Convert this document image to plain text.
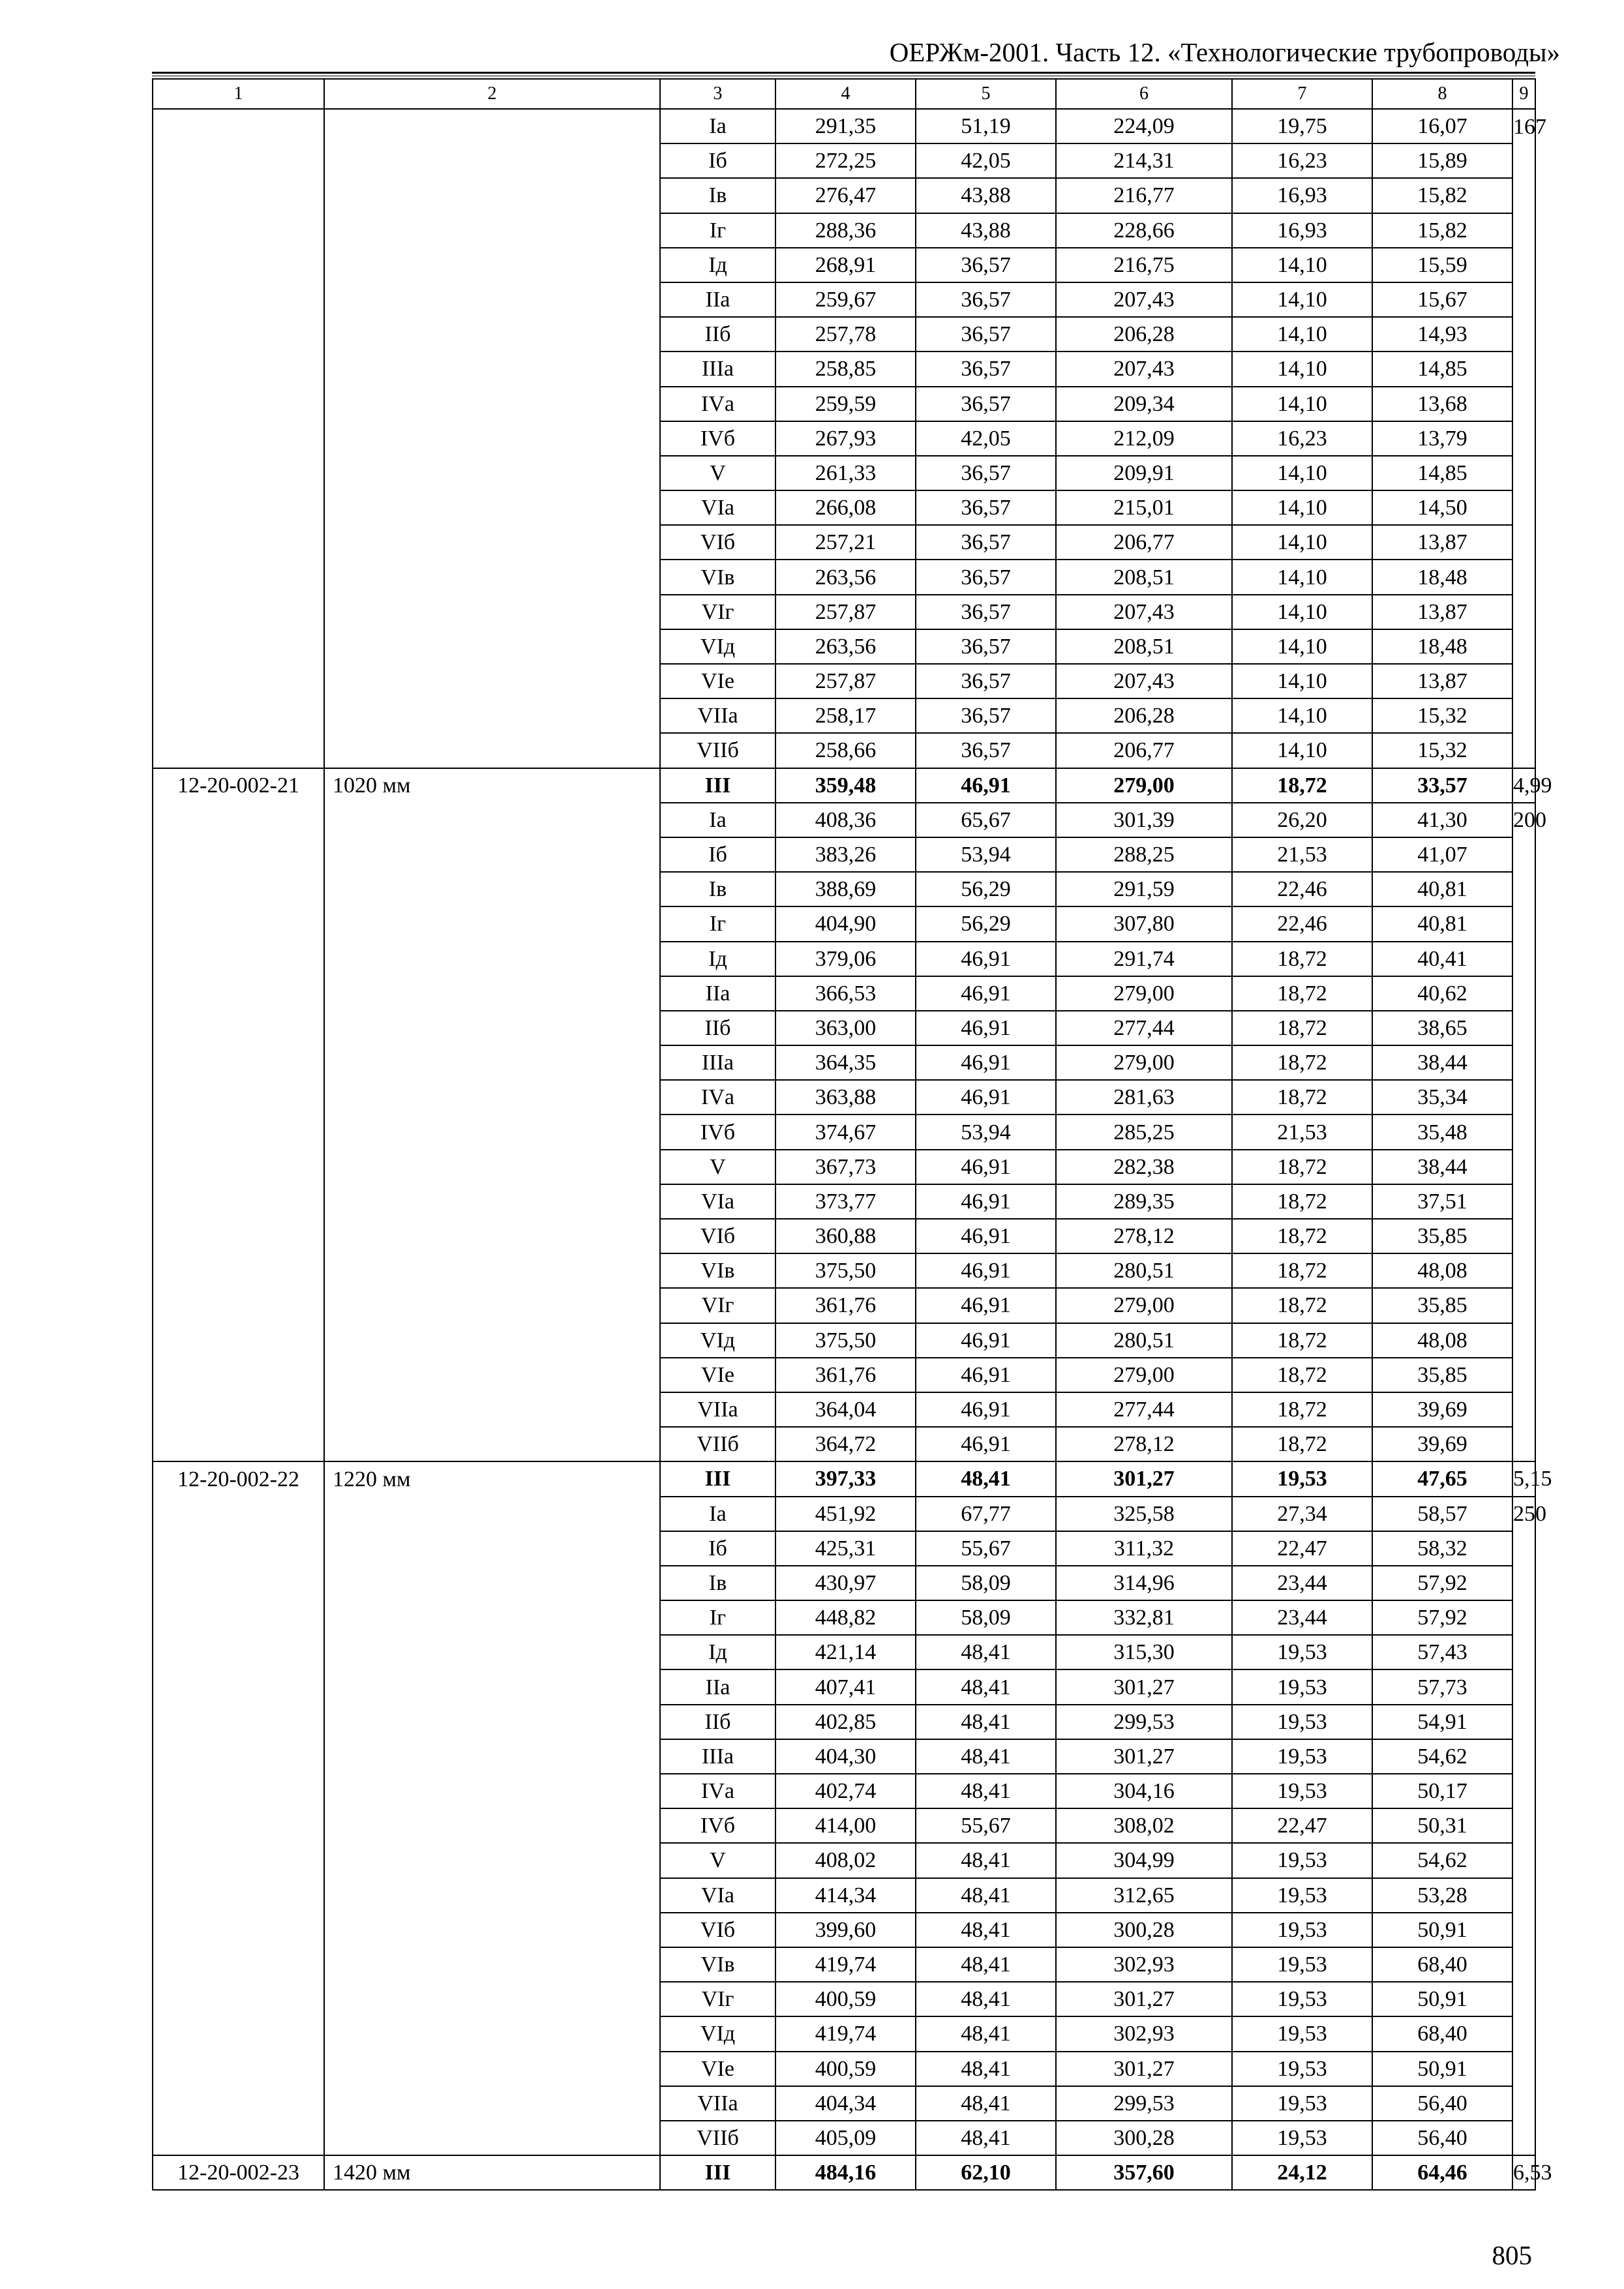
ОЕРЖм-2001. Часть 12. «Технологические трубопроводы»
1	2	3	4	5	6	7	8	9
		Iа	291,35	51,19	224,09	19,75	16,07	167
		Iб	272,25	42,05	214,31	16,23	15,89	
		Iв	276,47	43,88	216,77	16,93	15,82	
		Iг	288,36	43,88	228,66	16,93	15,82	
		Iд	268,91	36,57	216,75	14,10	15,59	
		IIа	259,67	36,57	207,43	14,10	15,67	
		IIб	257,78	36,57	206,28	14,10	14,93	
		IIIа	258,85	36,57	207,43	14,10	14,85	
		IVа	259,59	36,57	209,34	14,10	13,68	
		IVб	267,93	42,05	212,09	16,23	13,79	
		V	261,33	36,57	209,91	14,10	14,85	
		VIа	266,08	36,57	215,01	14,10	14,50	
		VIб	257,21	36,57	206,77	14,10	13,87	
		VIв	263,56	36,57	208,51	14,10	18,48	
		VIг	257,87	36,57	207,43	14,10	13,87	
		VIд	263,56	36,57	208,51	14,10	18,48	
		VIе	257,87	36,57	207,43	14,10	13,87	
		VIIа	258,17	36,57	206,28	14,10	15,32	
		VIIб	258,66	36,57	206,77	14,10	15,32	
12-20-002-21	1020 мм	III	359,48	46,91	279,00	18,72	33,57	4,99
		Iа	408,36	65,67	301,39	26,20	41,30	200
		Iб	383,26	53,94	288,25	21,53	41,07	
		Iв	388,69	56,29	291,59	22,46	40,81	
		Iг	404,90	56,29	307,80	22,46	40,81	
		Iд	379,06	46,91	291,74	18,72	40,41	
		IIа	366,53	46,91	279,00	18,72	40,62	
		IIб	363,00	46,91	277,44	18,72	38,65	
		IIIа	364,35	46,91	279,00	18,72	38,44	
		IVа	363,88	46,91	281,63	18,72	35,34	
		IVб	374,67	53,94	285,25	21,53	35,48	
		V	367,73	46,91	282,38	18,72	38,44	
		VIа	373,77	46,91	289,35	18,72	37,51	
		VIб	360,88	46,91	278,12	18,72	35,85	
		VIв	375,50	46,91	280,51	18,72	48,08	
		VIг	361,76	46,91	279,00	18,72	35,85	
		VIд	375,50	46,91	280,51	18,72	48,08	
		VIе	361,76	46,91	279,00	18,72	35,85	
		VIIа	364,04	46,91	277,44	18,72	39,69	
		VIIб	364,72	46,91	278,12	18,72	39,69	
12-20-002-22	1220 мм	III	397,33	48,41	301,27	19,53	47,65	5,15
		Iа	451,92	67,77	325,58	27,34	58,57	250
		Iб	425,31	55,67	311,32	22,47	58,32	
		Iв	430,97	58,09	314,96	23,44	57,92	
		Iг	448,82	58,09	332,81	23,44	57,92	
		Iд	421,14	48,41	315,30	19,53	57,43	
		IIа	407,41	48,41	301,27	19,53	57,73	
		IIб	402,85	48,41	299,53	19,53	54,91	
		IIIа	404,30	48,41	301,27	19,53	54,62	
		IVа	402,74	48,41	304,16	19,53	50,17	
		IVб	414,00	55,67	308,02	22,47	50,31	
		V	408,02	48,41	304,99	19,53	54,62	
		VIа	414,34	48,41	312,65	19,53	53,28	
		VIб	399,60	48,41	300,28	19,53	50,91	
		VIв	419,74	48,41	302,93	19,53	68,40	
		VIг	400,59	48,41	301,27	19,53	50,91	
		VIд	419,74	48,41	302,93	19,53	68,40	
		VIе	400,59	48,41	301,27	19,53	50,91	
		VIIа	404,34	48,41	299,53	19,53	56,40	
		VIIб	405,09	48,41	300,28	19,53	56,40	
12-20-002-23	1420 мм	III	484,16	62,10	357,60	24,12	64,46	6,53
805
